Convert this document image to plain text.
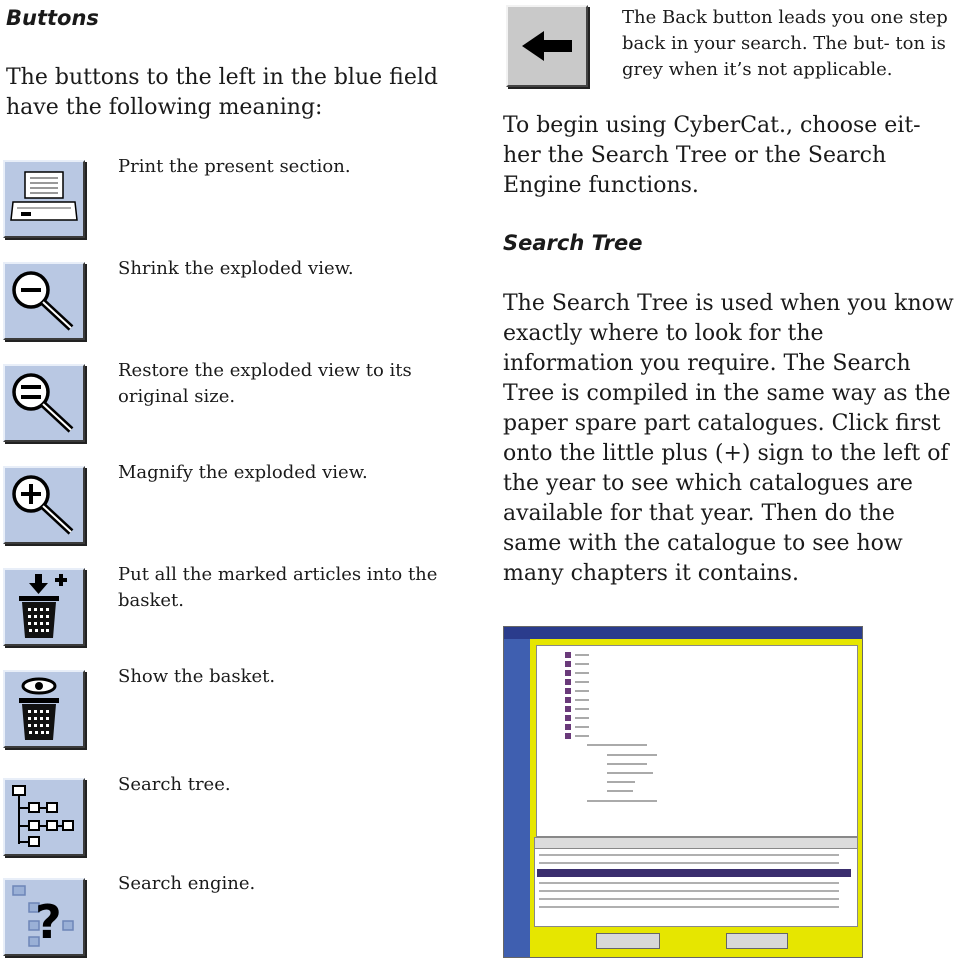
Buttons
The buttons to the left in the blue field have the following meaning:
Print the present section.
Shrink the exploded view.
Restore the exploded view to its original size.
Magnify the exploded view.
Put all the marked articles into the basket.
Show the basket.
Search tree.
?
Search engine.
The Back button leads you one step back in your search. The but- ton is grey when it’s not applicable.
To begin using CyberCat., choose eit- her the Search Tree or the Search Engine functions.
Search Tree
The Search Tree is used when you know exactly where to look for the information you require. The Search Tree is compiled in the same way as the paper spare part catalogues. Click first onto the little plus (+) sign to the left of the year to see which catalogues are available for that year. Then do the same with the catalogue to see how many chapters it contains.
